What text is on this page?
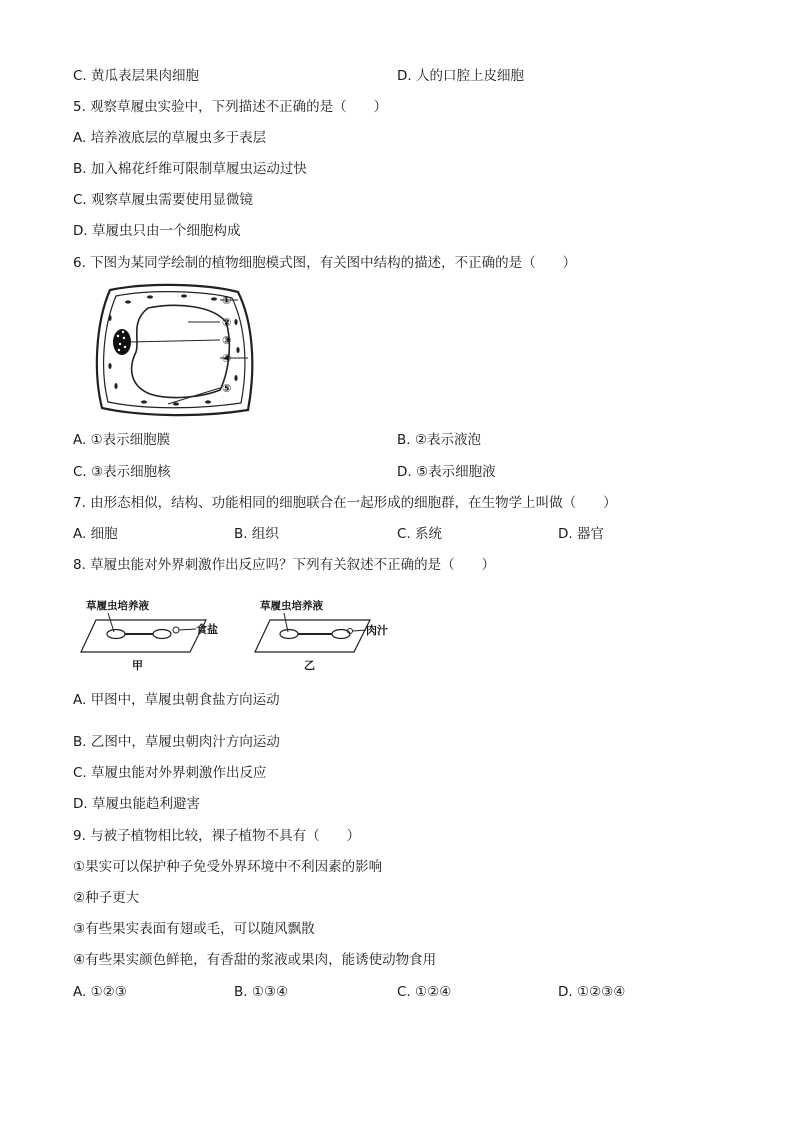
C. 黄瓜表层果肉细胞	D. 人的口腔上皮细胞
5. 观察草履虫实验中，下列描述不正确的是（　　）
A. 培养液底层的草履虫多于表层
B. 加入棉花纤维可限制草履虫运动过快
C. 观察草履虫需要使用显微镜
D. 草履虫只由一个细胞构成
6. 下图为某同学绘制的植物细胞模式图，有关图中结构的描述，不正确的是（　　）
①
②
③
④
⑤
A. ①表示细胞膜	B. ②表示液泡
C. ③表示细胞核	D. ⑤表示细胞液
7. 由形态相似，结构、功能相同的细胞联合在一起形成的细胞群，在生物学上叫做（　　）
A. 细胞	B. 组织	C. 系统	D. 器官
8. 草履虫能对外界刺激作出反应吗？下列有关叙述不正确的是（　　）
草履虫培养液
食盐
甲
草履虫培养液
肉汁
乙
A. 甲图中，草履虫朝食盐方向运动
B. 乙图中，草履虫朝肉汁方向运动
C. 草履虫能对外界刺激作出反应
D. 草履虫能趋利避害
9. 与被子植物相比较，裸子植物不具有（　　）
①果实可以保护种子免受外界环境中不利因素的影响
②种子更大
③有些果实表面有翅或毛，可以随风飘散
④有些果实颜色鲜艳，有香甜的浆液或果肉，能诱使动物食用
A. ①②③	B. ①③④	C. ①②④	D. ①②③④
